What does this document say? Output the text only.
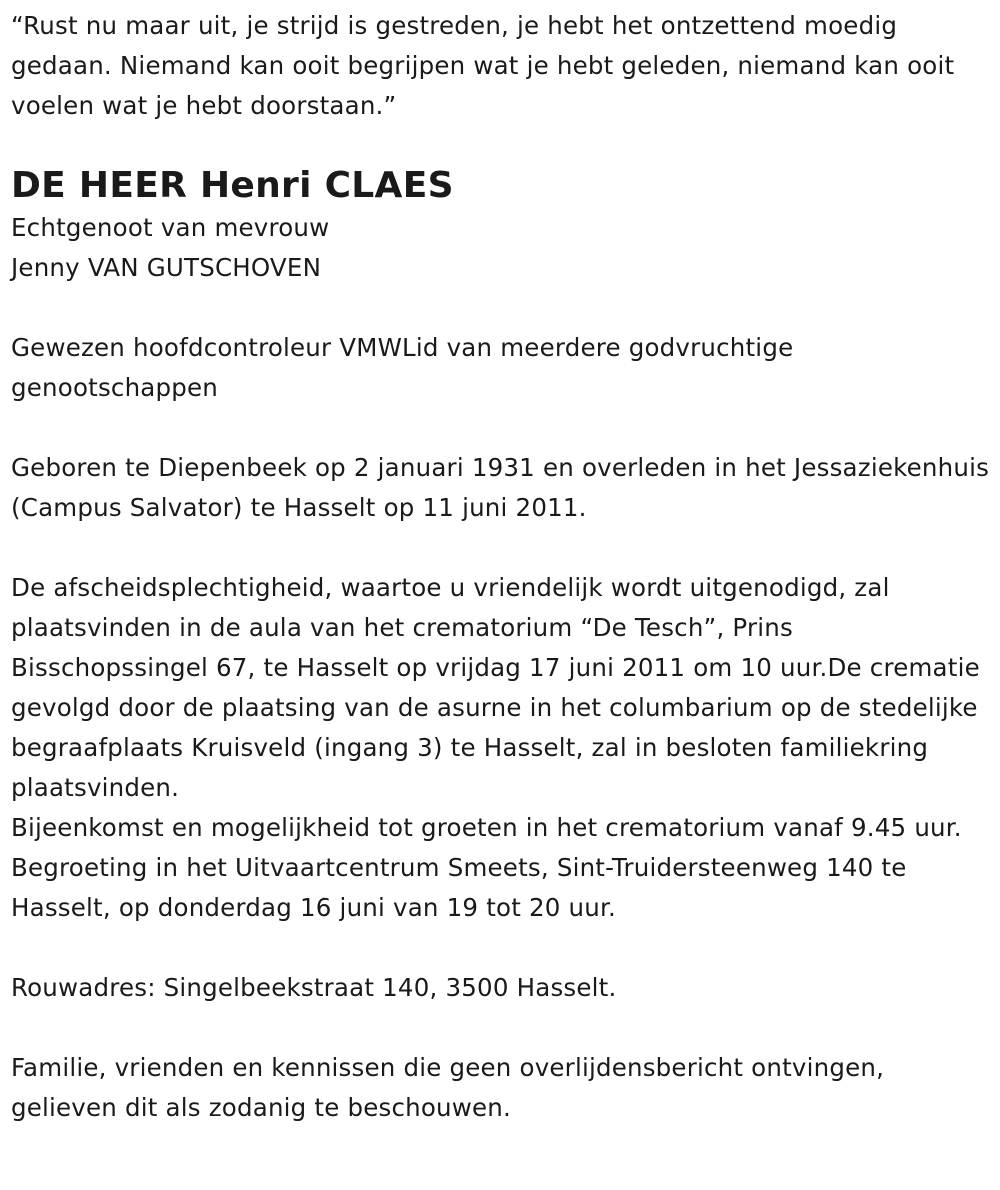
“Rust nu maar uit, je strijd is gestreden, je hebt het ontzettend moedig gedaan. Niemand kan ooit begrijpen wat je hebt geleden, niemand kan ooit voelen wat je hebt doorstaan.”

DE HEER Henri CLAES
Echtgenoot van mevrouw
Jenny VAN GUTSCHOVEN

Gewezen hoofdcontroleur VMWLid van meerdere godvruchtige genootschappen

Geboren te Diepenbeek op 2 januari 1931 en overleden in het Jessaziekenhuis (Campus Salvator) te Hasselt op 11 juni 2011.

De afscheidsplechtigheid, waartoe u vriendelijk wordt uitgenodigd, zal plaatsvinden in de aula van het crematorium “De Tesch”, Prins Bisschopssingel 67, te Hasselt op vrijdag 17 juni 2011 om 10 uur.De crematie gevolgd door de plaatsing van de asurne in het columbarium op de stedelijke begraafplaats Kruisveld (ingang 3) te Hasselt, zal in besloten familiekring plaatsvinden.

Bijeenkomst en mogelijkheid tot groeten in het crematorium vanaf 9.45 uur.

Begroeting in het Uitvaartcentrum Smeets, Sint-Truidersteenweg 140 te Hasselt, op donderdag 16 juni van 19 tot 20 uur.

Rouwadres: Singelbeekstraat 140, 3500 Hasselt.

Familie, vrienden en kennissen die geen overlijdensbericht ontvingen, gelieven dit als zodanig te beschouwen.
